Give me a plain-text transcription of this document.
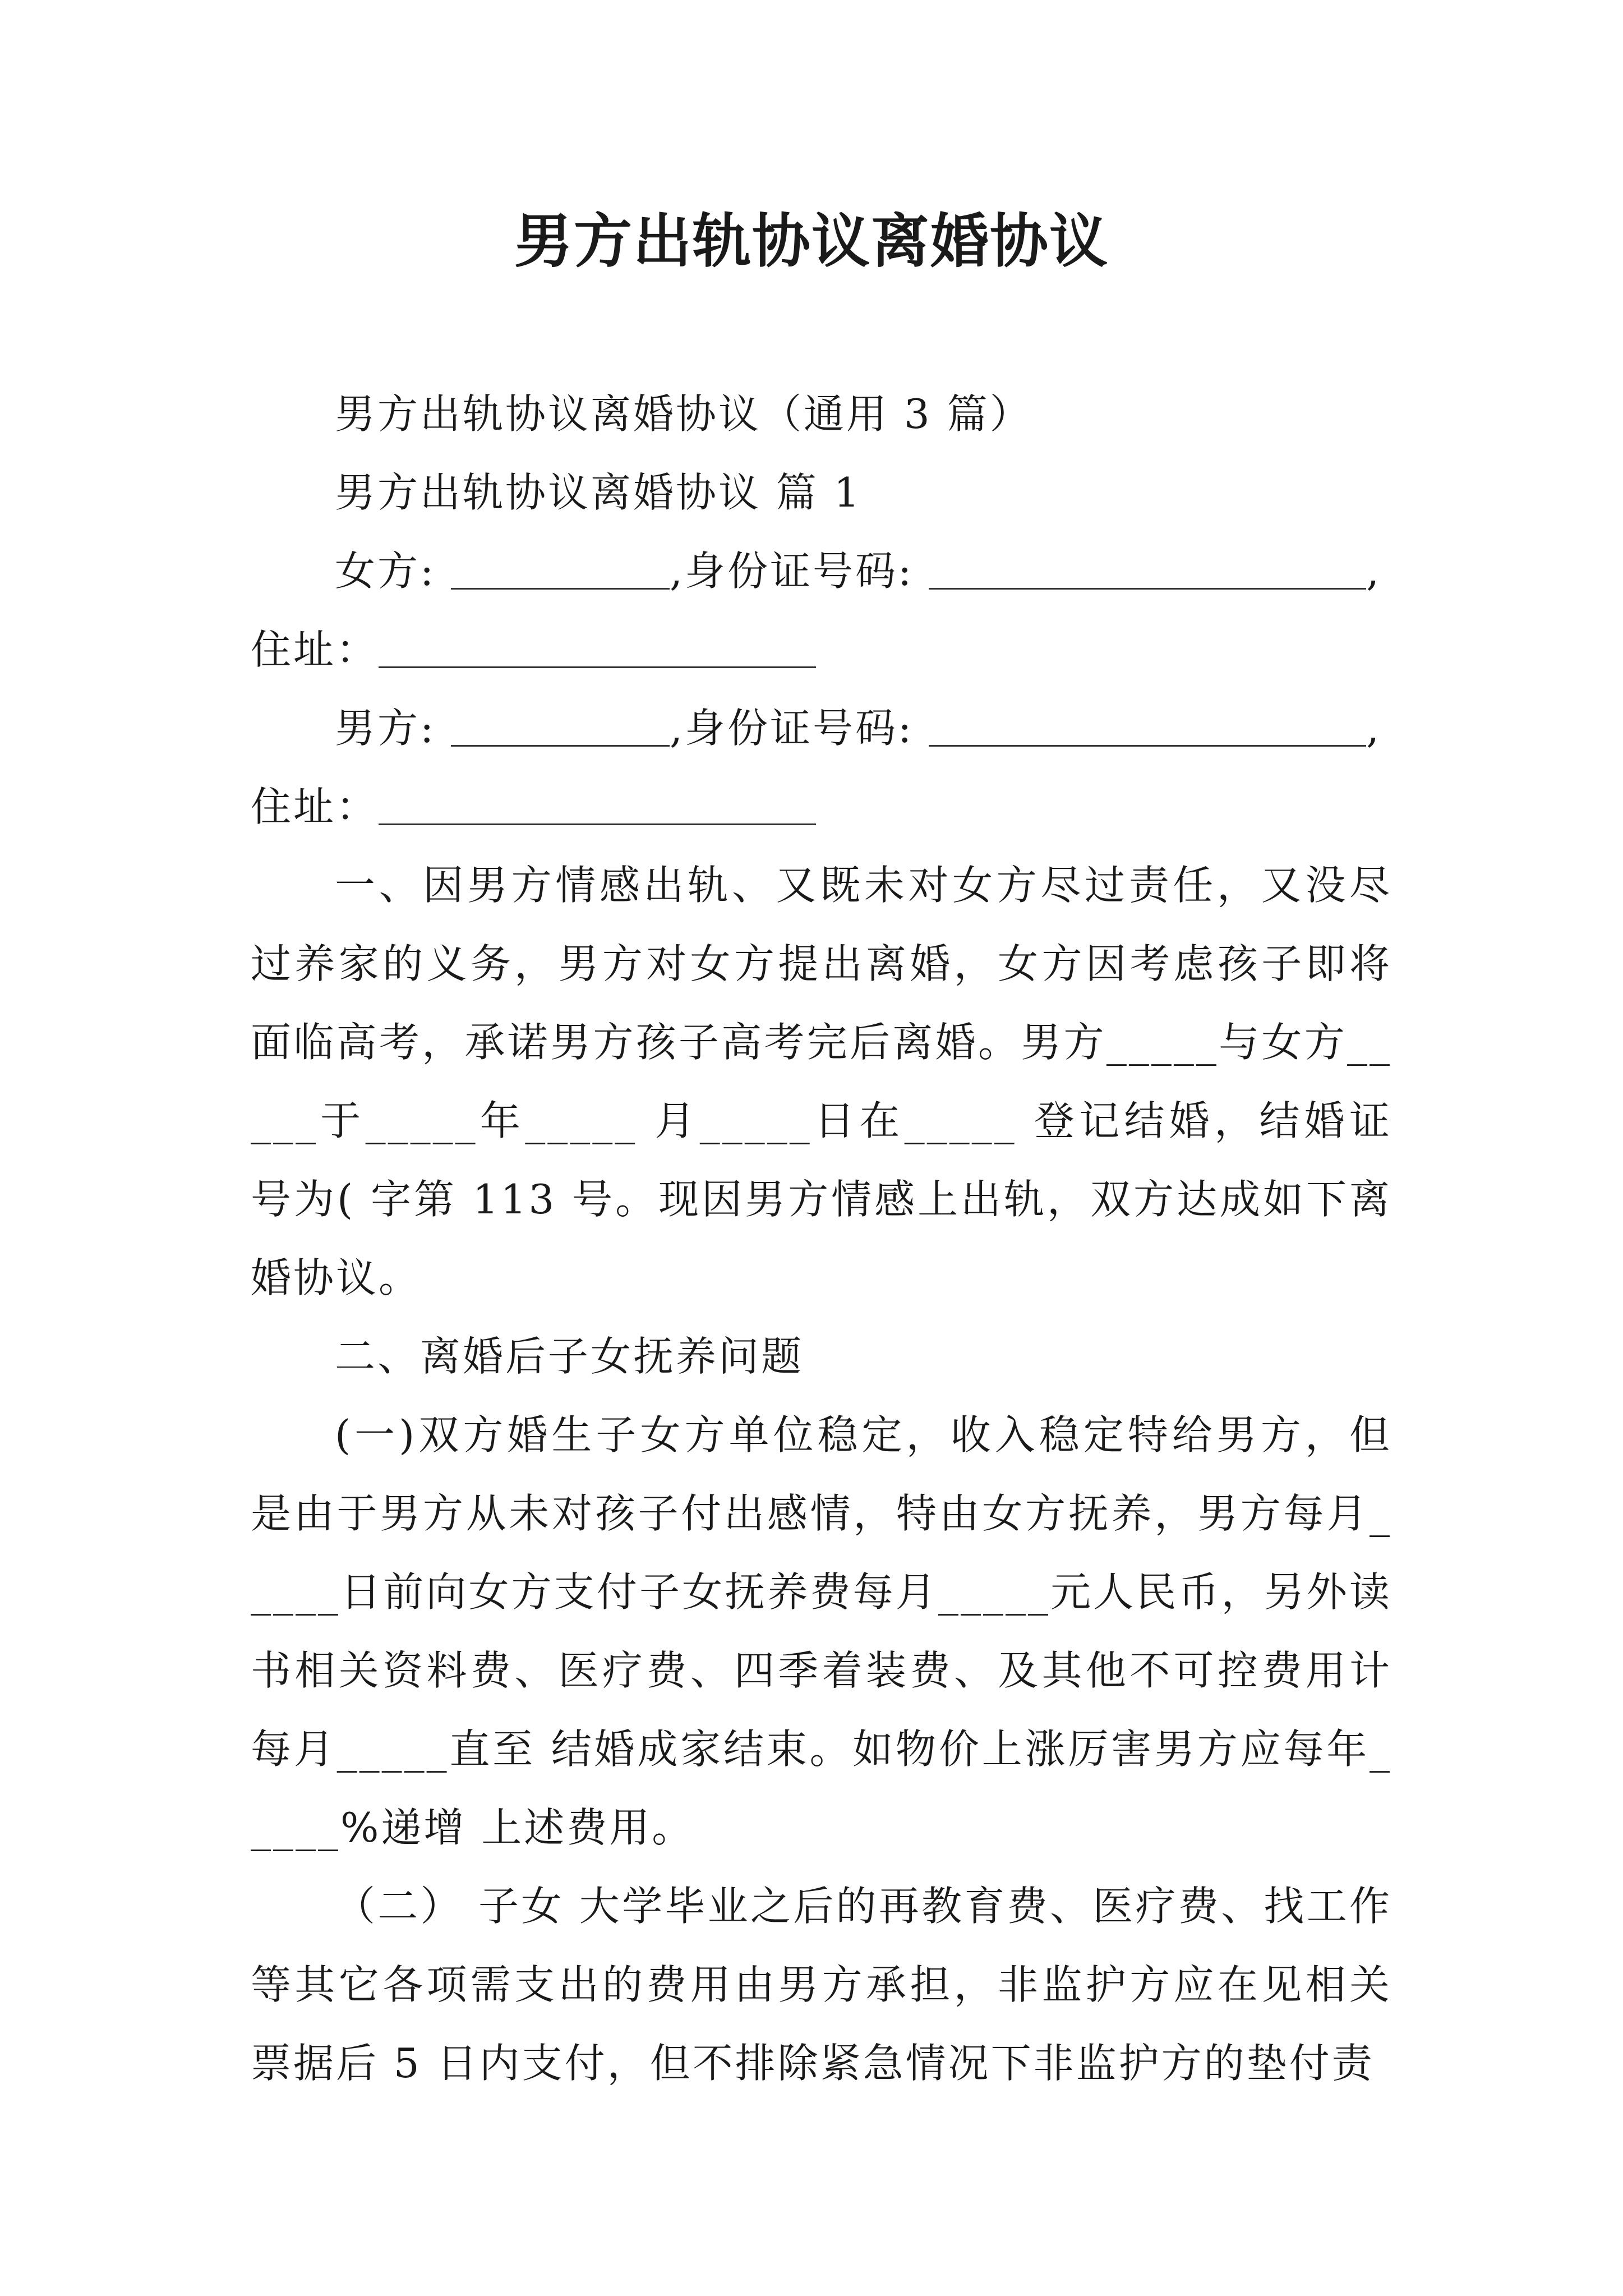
男方出轨协议离婚协议

男方出轨协议离婚协议（通用 3 篇）

男方出轨协议离婚协议 篇 1

女方:	,身份证号码:	,

住址：

男方:	,身份证号码:	,

住址：

一、因男方情感出轨、又既未对女方尽过责任，又没尽过养家的义务，男方对女方提出离婚，女方因考虑孩子即将面临高考，承诺男方孩子高考完后离婚。男方_____与女方_____于_____年_____ 月_____日在_____ 登记结婚，结婚证号为( 字第 113 号。现因男方情感上出轨，双方达成如下离婚协议。

二、离婚后子女抚养问题

(一)双方婚生子女方单位稳定，收入稳定特给男方，但是由于男方从未对孩子付出感情，特由女方抚养，男方每月_____日前向女方支付子女抚养费每月_____元人民币，另外读书相关资料费、医疗费、四季着装费、及其他不可控费用计每月_____直至 结婚成家结束。如物价上涨厉害男方应每年_____%递增 上述费用。

（二） 子女 大学毕业之后的再教育费、医疗费、找工作等其它各项需支出的费用由男方承担，非监护方应在见相关票据后 5 日内支付，但不排除紧急情况下非监护方的垫付责
